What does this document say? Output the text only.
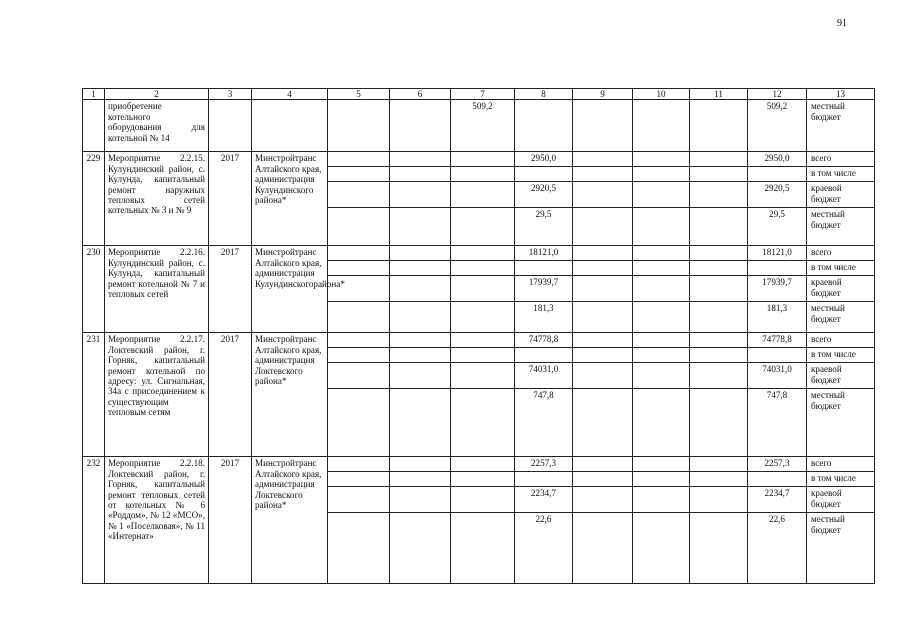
91
1	2	3	4	5	6	7	8	9	10	11	12	13
	приобретение котельного оборудования для котельной № 14					509,2					509,2	местный бюджет
229	Мероприятие 2.2.15. Кулундинский район, с. Кулунда, капитальный ремонт наружных тепловых сетей котельных № 3 и № 9	2017	Минстройтранс Алтайского края, администрация Кулундинского района*				2950,0				2950,0	всего
												в том числе
							2920,5				2920,5	краевой бюджет
							29,5				29,5	местный бюджет
230	Мероприятие 2.2.16. Кулундинский район, с. Кулунда, капитальный ремонт котельной № 7 и тепловых сетей	2017	Минстройтранс Алтайского края, администрация Кулундинскогорайона*				18121,0				18121,0	всего
												в том числе
							17939,7				17939,7	краевой бюджет
							181,3				181,3	местный бюджет
231	Мероприятие 2.2.17. Локтевский район, г. Горняк, капитальный ремонт котельной по адресу: ул. Сигнальная, 34а с присоединением к существующим тепловым сетям	2017	Минстройтранс Алтайского края, администрация Локтевского района*				74778,8				74778,8	всего
												в том числе
							74031,0				74031,0	краевой бюджет
							747,8				747,8	местный бюджет
232	Мероприятие 2.2.18. Локтевский район, г. Горняк, капитальный ремонт тепловых сетей от котельных № 6 «Роддом», № 12 «МСО», № 1 «Поселковая», № 11 «Интернат»	2017	Минстройтранс Алтайского края, администрация Локтевского района*				2257,3				2257,3	всего
												в том числе
							2234,7				2234,7	краевой бюджет
							22,6				22,6	местный бюджет
